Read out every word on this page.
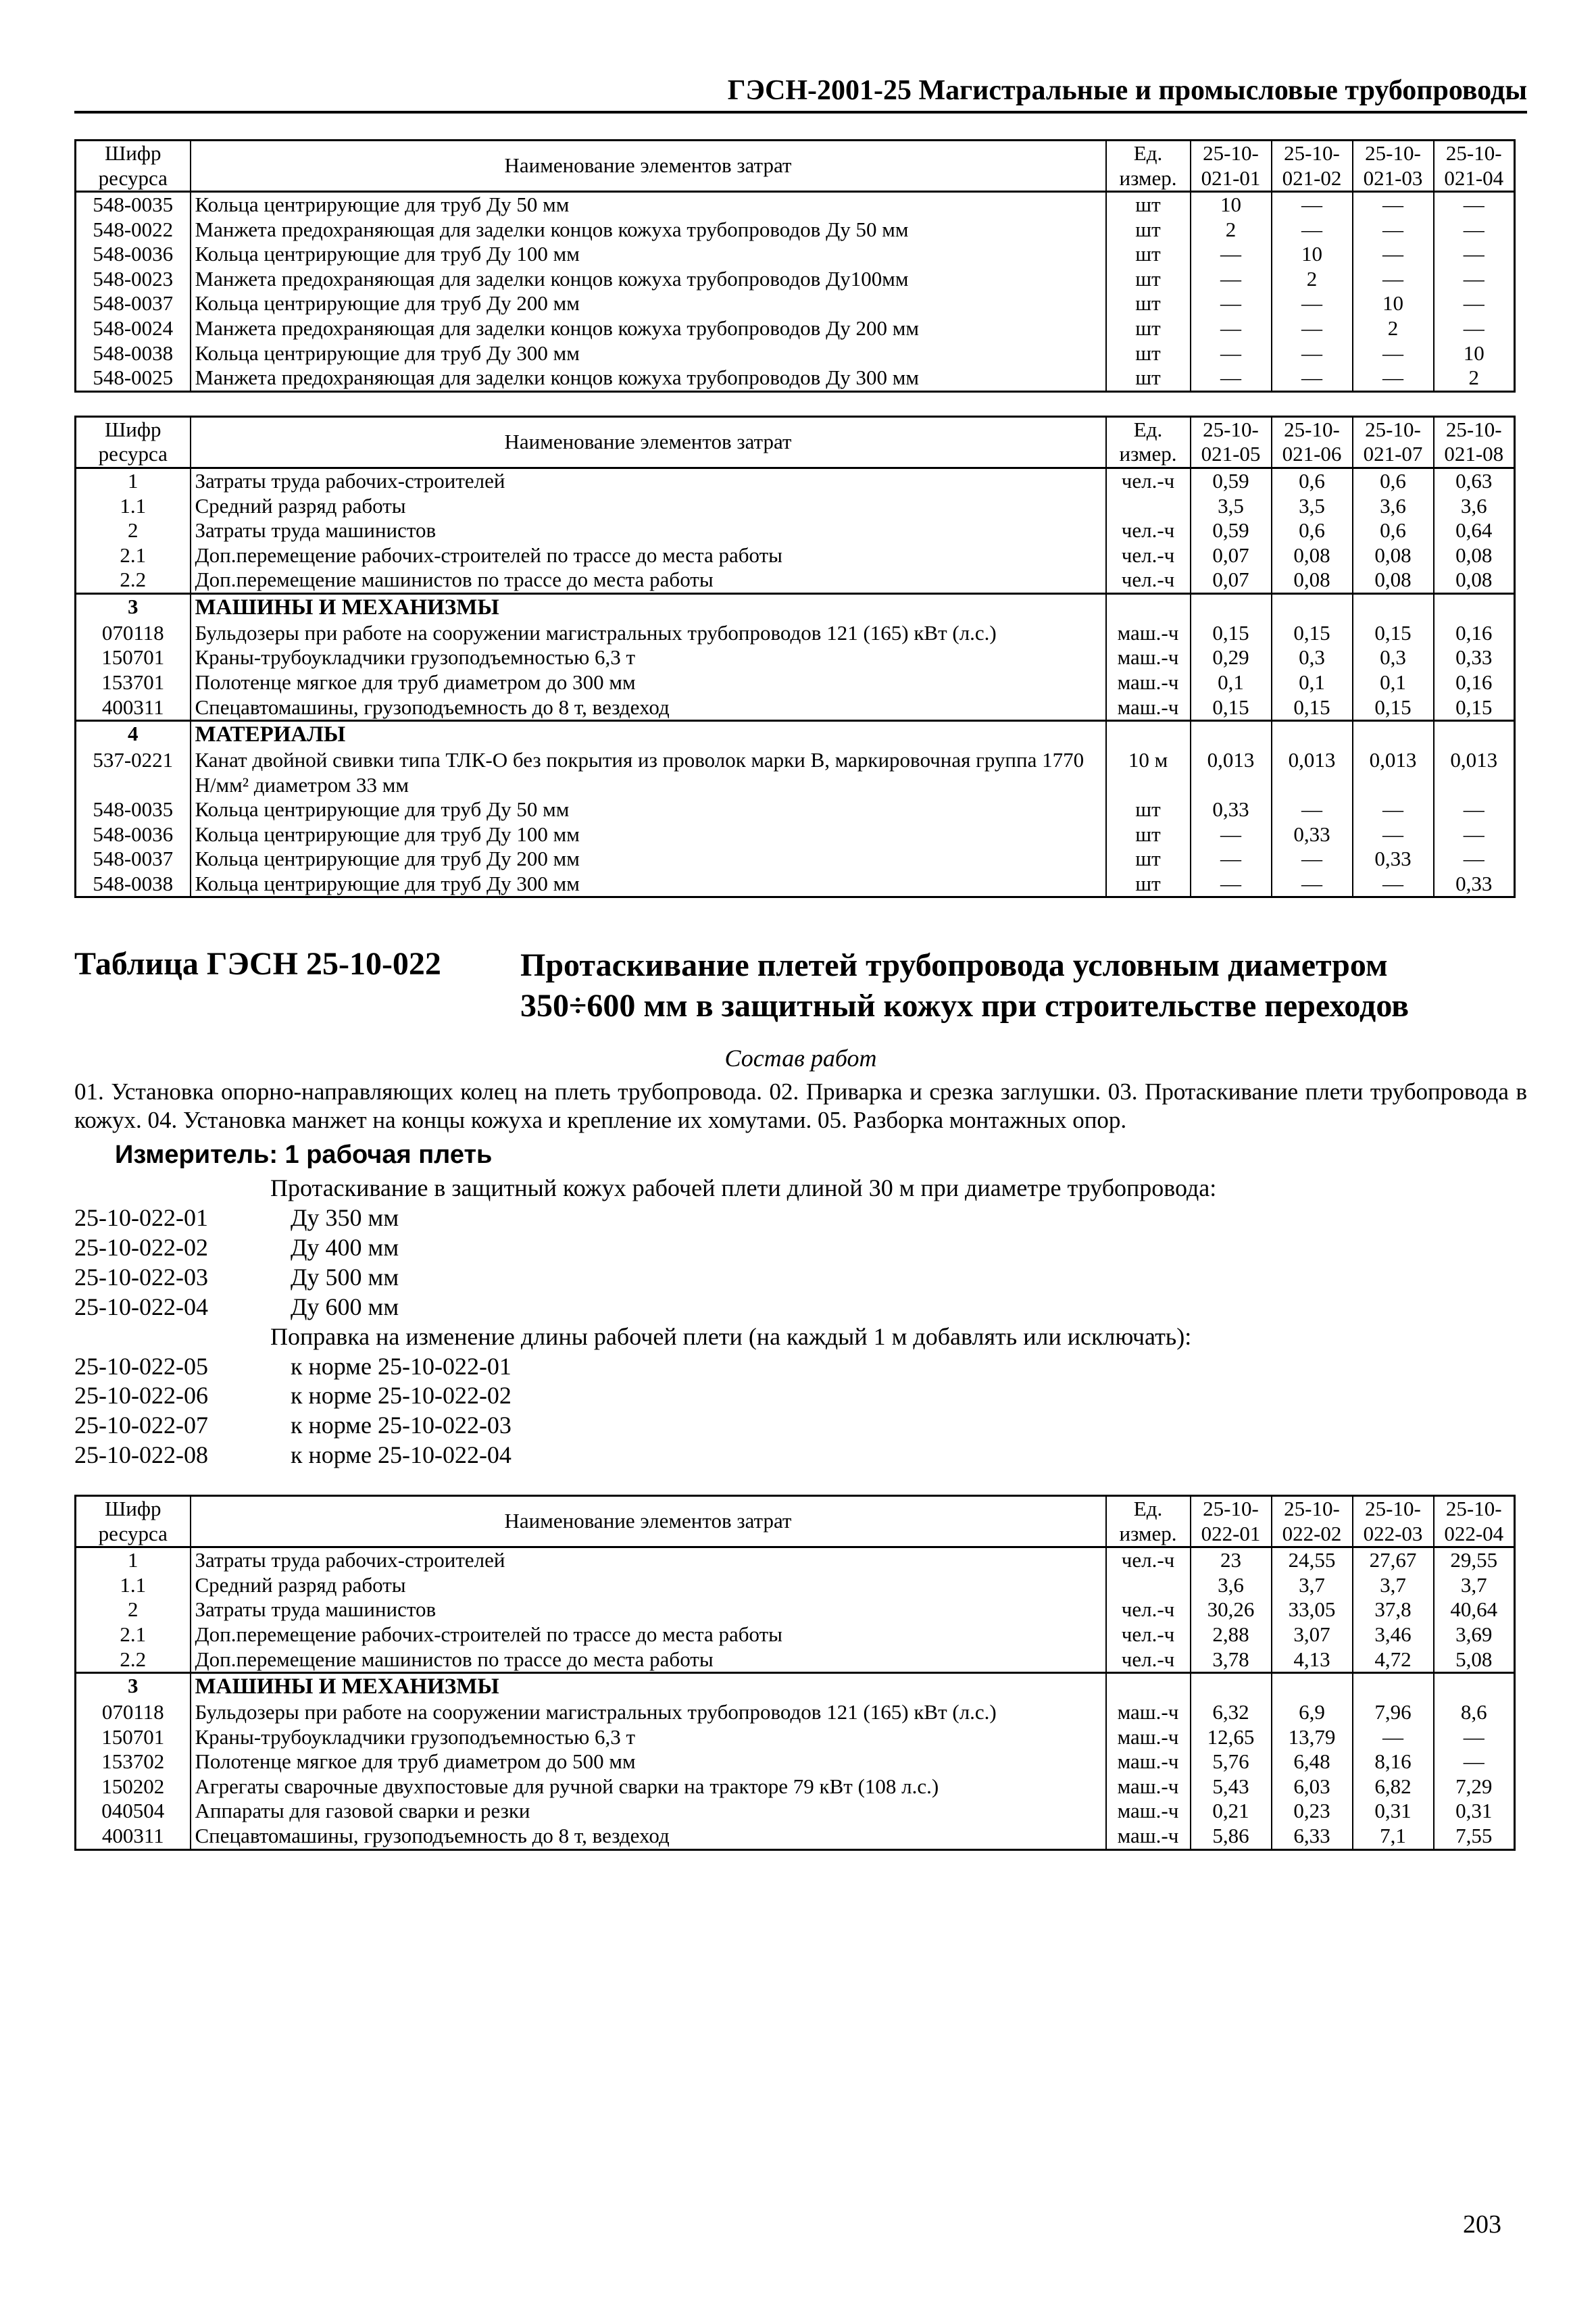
ГЭСН-2001-25 Магистральные и промысловые трубопроводы
Шифр ресурса	Наименование элементов затрат	Ед. измер.	25-10-021-01	25-10-021-02	25-10-021-03	25-10-021-04
548-0035	Кольца центрирующие для труб Ду 50 мм	шт	10	—	—	—
548-0022	Манжета предохраняющая для заделки концов кожуха трубопроводов Ду 50 мм	шт	2	—	—	—
548-0036	Кольца центрирующие для труб Ду 100 мм	шт	—	10	—	—
548-0023	Манжета предохраняющая для заделки концов кожуха трубопроводов Ду100мм	шт	—	2	—	—
548-0037	Кольца центрирующие для труб Ду 200 мм	шт	—	—	10	—
548-0024	Манжета предохраняющая для заделки концов кожуха трубопроводов Ду 200 мм	шт	—	—	2	—
548-0038	Кольца центрирующие для труб Ду 300 мм	шт	—	—	—	10
548-0025	Манжета предохраняющая для заделки концов кожуха трубопроводов Ду 300 мм	шт	—	—	—	2
Шифр ресурса	Наименование элементов затрат	Ед. измер.	25-10-021-05	25-10-021-06	25-10-021-07	25-10-021-08
1	Затраты труда рабочих-строителей	чел.-ч	0,59	0,6	0,6	0,63
1.1	Средний разряд работы		3,5	3,5	3,6	3,6
2	Затраты труда машинистов	чел.-ч	0,59	0,6	0,6	0,64
2.1	Доп.перемещение рабочих-строителей по трассе до места работы	чел.-ч	0,07	0,08	0,08	0,08
2.2	Доп.перемещение машинистов по трассе до места работы	чел.-ч	0,07	0,08	0,08	0,08
3	МАШИНЫ И МЕХАНИЗМЫ					
070118	Бульдозеры при работе на сооружении магистральных трубопроводов 121 (165) кВт (л.с.)	маш.-ч	0,15	0,15	0,15	0,16
150701	Краны-трубоукладчики грузоподъемностью 6,3 т	маш.-ч	0,29	0,3	0,3	0,33
153701	Полотенце мягкое для труб диаметром до 300 мм	маш.-ч	0,1	0,1	0,1	0,16
400311	Спецавтомашины, грузоподъемность до 8 т, вездеход	маш.-ч	0,15	0,15	0,15	0,15
4	МАТЕРИАЛЫ					
537-0221	Канат двойной свивки типа ТЛК-О без покрытия из проволок марки В, маркировочная группа 1770 Н/мм² диаметром 33 мм	10 м	0,013	0,013	0,013	0,013
548-0035	Кольца центрирующие для труб Ду 50 мм	шт	0,33	—	—	—
548-0036	Кольца центрирующие для труб Ду 100 мм	шт	—	0,33	—	—
548-0037	Кольца центрирующие для труб Ду 200 мм	шт	—	—	0,33	—
548-0038	Кольца центрирующие для труб Ду 300 мм	шт	—	—	—	0,33
Таблица ГЭСН 25-10-022	Протаскивание плетей трубопровода условным диаметром
350÷600 мм в защитный кожух при строительстве переходов
Состав работ
01. Установка опорно-направляющих колец на плеть трубопровода. 02. Приварка и срезка заглушки. 03. Протаскивание плети трубопровода в кожух. 04. Установка манжет на концы кожуха и крепление их хомутами. 05. Разборка монтажных опор.
Измеритель: 1 рабочая плеть
Протаскивание в защитный кожух рабочей плети длиной 30 м при диаметре трубопровода:
25-10-022-01	Ду 350 мм
25-10-022-02	Ду 400 мм
25-10-022-03	Ду 500 мм
25-10-022-04	Ду 600 мм
Поправка на изменение длины рабочей плети (на каждый 1 м добавлять или исключать):
25-10-022-05	к норме 25-10-022-01
25-10-022-06	к норме 25-10-022-02
25-10-022-07	к норме 25-10-022-03
25-10-022-08	к норме 25-10-022-04
Шифр ресурса	Наименование элементов затрат	Ед. измер.	25-10-022-01	25-10-022-02	25-10-022-03	25-10-022-04
1	Затраты труда рабочих-строителей	чел.-ч	23	24,55	27,67	29,55
1.1	Средний разряд работы		3,6	3,7	3,7	3,7
2	Затраты труда машинистов	чел.-ч	30,26	33,05	37,8	40,64
2.1	Доп.перемещение рабочих-строителей по трассе до места работы	чел.-ч	2,88	3,07	3,46	3,69
2.2	Доп.перемещение машинистов по трассе до места работы	чел.-ч	3,78	4,13	4,72	5,08
3	МАШИНЫ И МЕХАНИЗМЫ					
070118	Бульдозеры при работе на сооружении магистральных трубопроводов 121 (165) кВт (л.с.)	маш.-ч	6,32	6,9	7,96	8,6
150701	Краны-трубоукладчики грузоподъемностью 6,3 т	маш.-ч	12,65	13,79	—	—
153702	Полотенце мягкое для труб диаметром до 500 мм	маш.-ч	5,76	6,48	8,16	—
150202	Агрегаты сварочные двухпостовые для ручной сварки на тракторе 79 кВт (108 л.с.)	маш.-ч	5,43	6,03	6,82	7,29
040504	Аппараты для газовой сварки и резки	маш.-ч	0,21	0,23	0,31	0,31
400311	Спецавтомашины, грузоподъемность до 8 т, вездеход	маш.-ч	5,86	6,33	7,1	7,55
203
